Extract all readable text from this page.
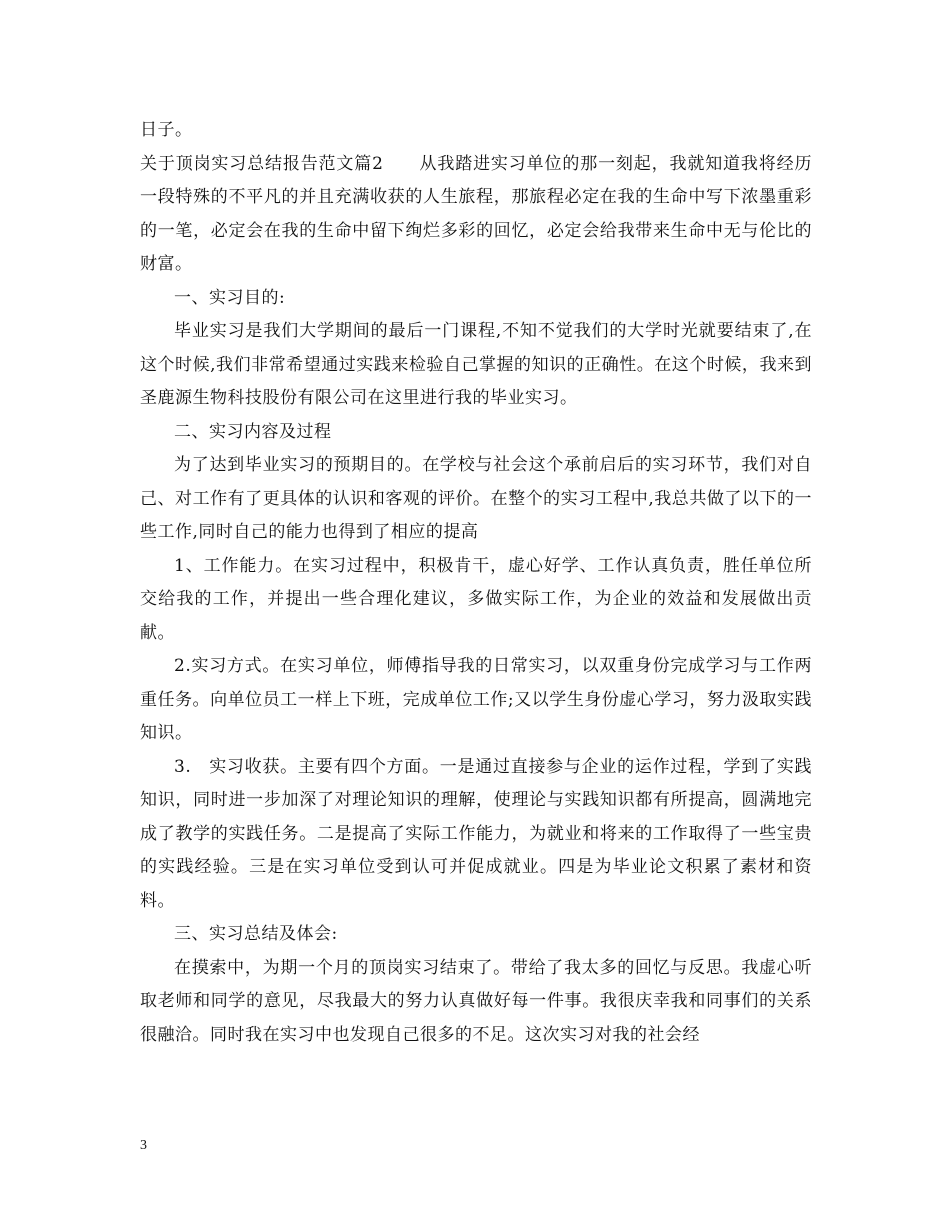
日子。

关于顶岗实习总结报告范文篇2　　从我踏进实习单位的那一刻起，我就知道我将经历一段特殊的不平凡的并且充满收获的人生旅程，那旅程必定在我的生命中写下浓墨重彩的一笔，必定会在我的生命中留下绚烂多彩的回忆，必定会给我带来生命中无与伦比的财富。

一、实习目的:

毕业实习是我们大学期间的最后一门课程,不知不觉我们的大学时光就要结束了,在这个时候,我们非常希望通过实践来检验自己掌握的知识的正确性。在这个时候，我来到圣鹿源生物科技股份有限公司在这里进行我的毕业实习。

二、实习内容及过程

为了达到毕业实习的预期目的。在学校与社会这个承前启后的实习环节，我们对自己、对工作有了更具体的认识和客观的评价。在整个的实习工程中,我总共做了以下的一些工作,同时自己的能力也得到了相应的提高

1、工作能力。在实习过程中，积极肯干，虚心好学、工作认真负责，胜任单位所交给我的工作，并提出一些合理化建议，多做实际工作，为企业的效益和发展做出贡献。

2.实习方式。在实习单位，师傅指导我的日常实习，以双重身份完成学习与工作两重任务。向单位员工一样上下班，完成单位工作;又以学生身份虚心学习，努力汲取实践知识。

3.　实习收获。主要有四个方面。一是通过直接参与企业的运作过程，学到了实践知识，同时进一步加深了对理论知识的理解，使理论与实践知识都有所提高，圆满地完成了教学的实践任务。二是提高了实际工作能力，为就业和将来的工作取得了一些宝贵的实践经验。三是在实习单位受到认可并促成就业。四是为毕业论文积累了素材和资料。

三、实习总结及体会:

在摸索中，为期一个月的顶岗实习结束了。带给了我太多的回忆与反思。我虚心听取老师和同学的意见，尽我最大的努力认真做好每一件事。我很庆幸我和同事们的关系很融洽。同时我在实习中也发现自己很多的不足。这次实习对我的社会经

3
